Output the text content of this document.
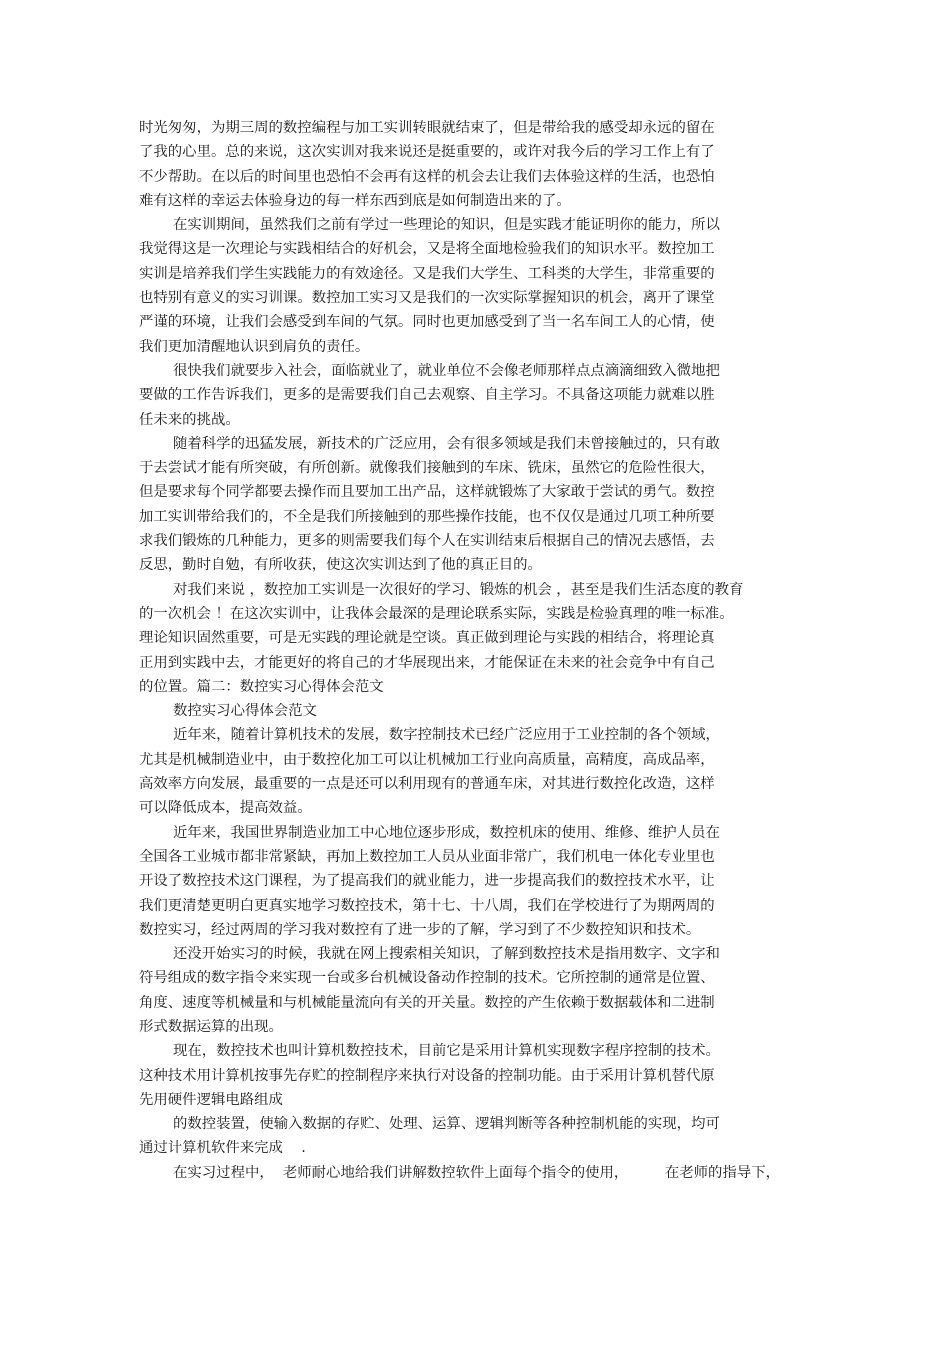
时光匆匆，为期三周的数控编程与加工实训转眼就结束了，但是带给我的感受却永远的留在
了我的心里。总的来说，这次实训对我来说还是挺重要的，或许对我今后的学习工作上有了
不少帮助。在以后的时间里也恐怕不会再有这样的机会去让我们去体验这样的生活，也恐怕
难有这样的幸运去体验身边的每一样东西到底是如何制造出来的了。
在实训期间，虽然我们之前有学过一些理论的知识，但是实践才能证明你的能力，所以
我觉得这是一次理论与实践相结合的好机会，又是将全面地检验我们的知识水平。数控加工
实训是培养我们学生实践能力的有效途径。又是我们大学生、工科类的大学生，非常重要的
也特别有意义的实习训课。数控加工实习又是我们的一次实际掌握知识的机会，离开了课堂
严谨的环境，让我们会感受到车间的气氛。同时也更加感受到了当一名车间工人的心情，使
我们更加清醒地认识到肩负的责任。
很快我们就要步入社会，面临就业了，就业单位不会像老师那样点点滴滴细致入微地把
要做的工作告诉我们，更多的是需要我们自己去观察、自主学习。不具备这项能力就难以胜
任未来的挑战。
随着科学的迅猛发展，新技术的广泛应用，会有很多领域是我们未曾接触过的，只有敢
于去尝试才能有所突破，有所创新。就像我们接触到的车床、铣床，虽然它的危险性很大，
但是要求每个同学都要去操作而且要加工出产品，这样就锻炼了大家敢于尝试的勇气。数控
加工实训带给我们的，不全是我们所接触到的那些操作技能，也不仅仅是通过几项工种所要
求我们锻炼的几种能力，更多的则需要我们每个人在实训结束后根据自己的情况去感悟，去
反思，勤时自勉，有所收获，使这次实训达到了他的真正目的。
对我们来说 ，数控加工实训是一次很好的学习、锻炼的机会 ，甚至是我们生活态度的教育
的一次机会 ！在这次实训中，让我体会最深的是理论联系实际，实践是检验真理的唯一标准。
理论知识固然重要，可是无实践的理论就是空谈。真正做到理论与实践的相结合，将理论真
正用到实践中去，才能更好的将自己的才华展现出来，才能保证在未来的社会竞争中有自己
的位置。篇二：数控实习心得体会范文
数控实习心得体会范文
近年来，随着计算机技术的发展，数字控制技术已经广泛应用于工业控制的各个领域，
尤其是机械制造业中，由于数控化加工可以让机械加工行业向高质量，高精度，高成品率，
高效率方向发展，最重要的一点是还可以利用现有的普通车床，对其进行数控化改造，这样
可以降低成本，提高效益。
近年来，我国世界制造业加工中心地位逐步形成，数控机床的使用、维修、维护人员在
全国各工业城市都非常紧缺，再加上数控加工人员从业面非常广，我们机电一体化专业里也
开设了数控技术这门课程，为了提高我们的就业能力，进一步提高我们的数控技术水平，让
我们更清楚更明白更真实地学习数控技术，第十七、十八周，我们在学校进行了为期两周的
数控实习，经过两周的学习我对数控有了进一步的了解，学习到了不少数控知识和技术。
还没开始实习的时候，我就在网上搜索相关知识，了解到数控技术是指用数字、文字和
符号组成的数字指令来实现一台或多台机械设备动作控制的技术。它所控制的通常是位置、
角度、速度等机械量和与机械能量流向有关的开关量。数控的产生依赖于数据载体和二进制
形式数据运算的出现。
现在，数控技术也叫计算机数控技术，目前它是采用计算机实现数字程序控制的技术。
这种技术用计算机按事先存贮的控制程序来执行对设备的控制功能。由于采用计算机替代原
先用硬件逻辑电路组成
的数控装置，使输入数据的存贮、处理、运算、逻辑判断等各种控制机能的实现，均可
通过计算机软件来完成    .
在实习过程中，  老师耐心地给我们讲解数控软件上面每个指令的使用，        在老师的指导下，
